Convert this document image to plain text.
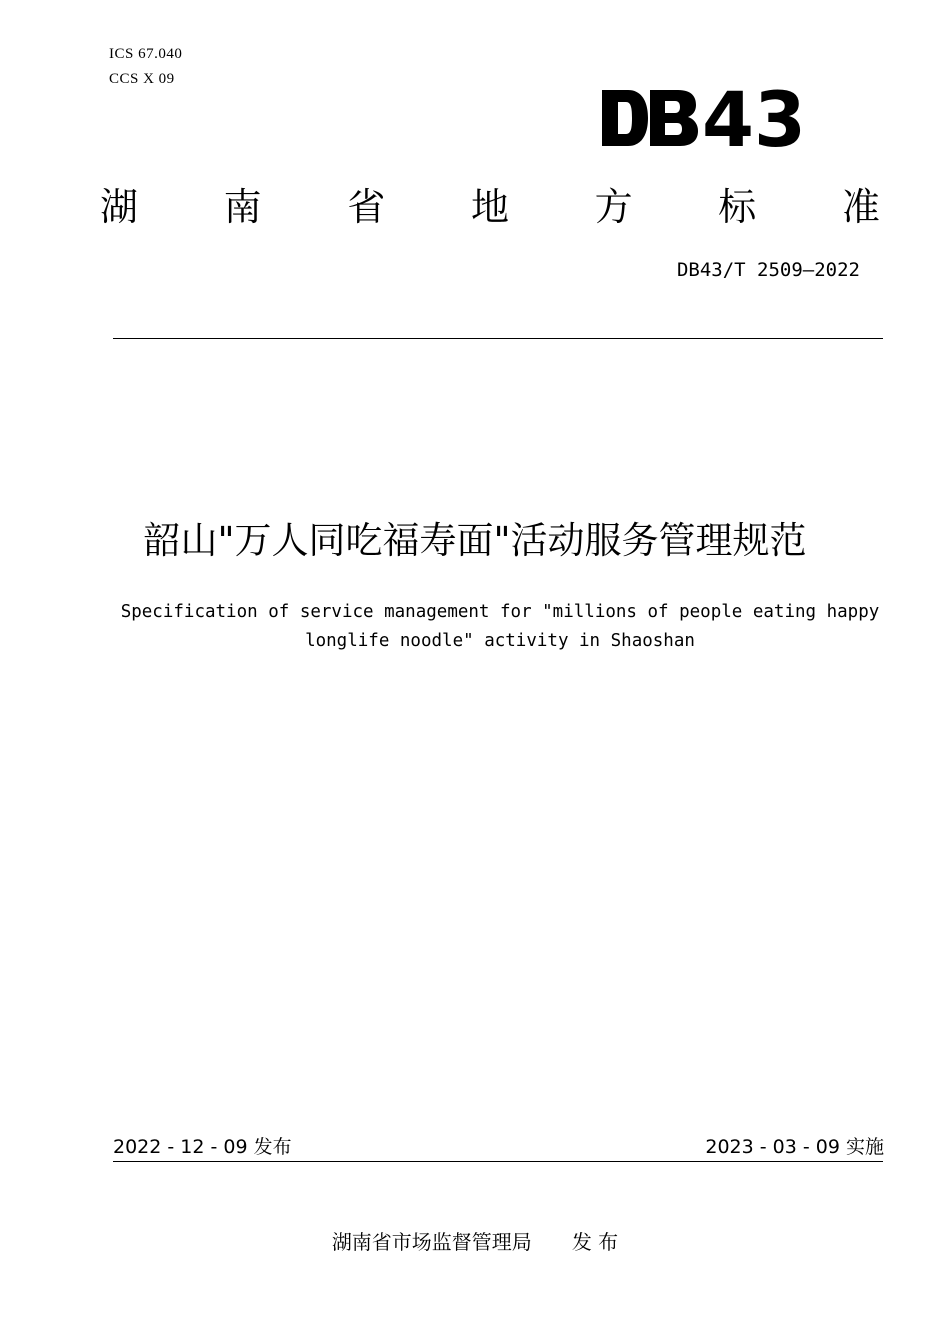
ICS 67.040
CCS X 09	43
湖 南 省 地 方 标 准
DB43/T 2509—2022
韶山"万人同吃福寿面"活动服务管理规范
Specification of service management for "millions of people eating happy
longlife noodle" activity in Shaoshan
2022 - 12 - 09 发布	2023 - 03 - 09 实施
湖南省市场监督管理局 发 布
